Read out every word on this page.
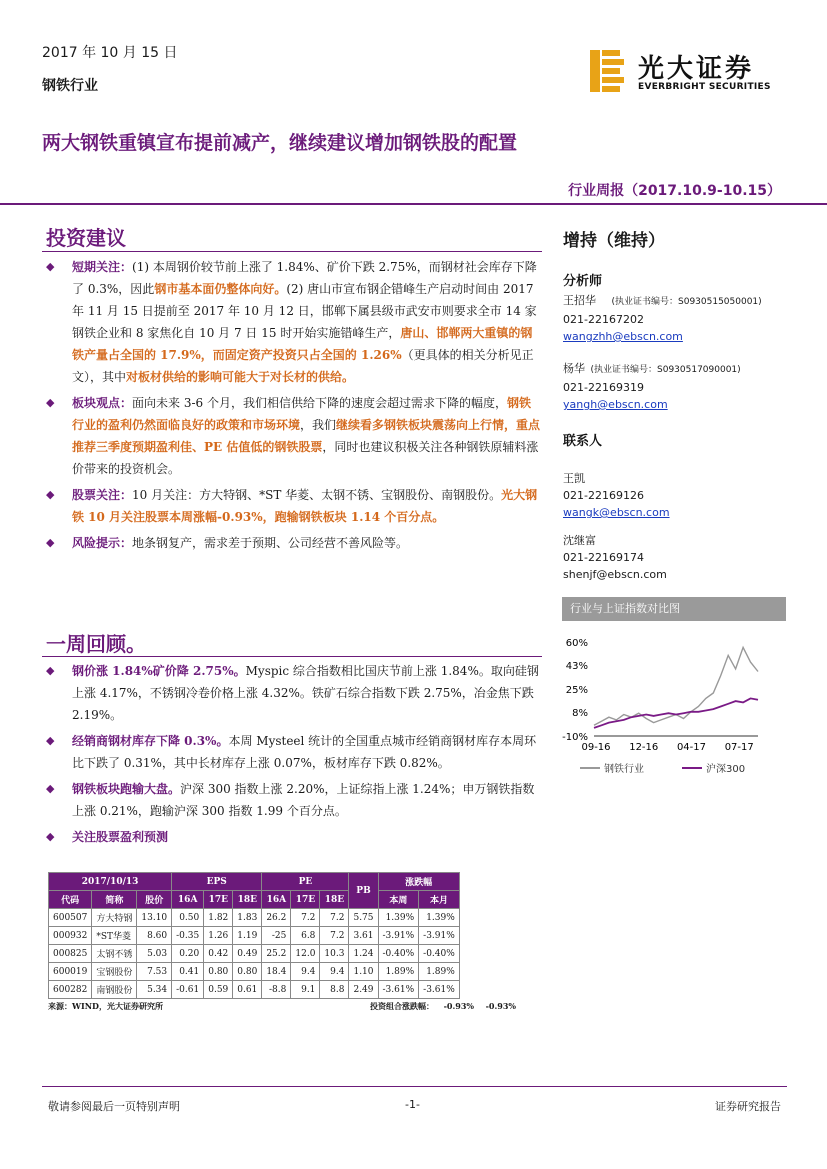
2017 年 10 月 15 日
钢铁行业
光大证券
EVERBRIGHT SECURITIES
两大钢铁重镇宣布提前减产，继续建议增加钢铁股的配置
行业周报（2017.10.9-10.15）
投资建议
◆ 短期关注：(1) 本周钢价较节前上涨了 1.84%、矿价下跌 2.75%，而钢材社会库存下降了 0.3%，因此钢市基本面仍整体向好。(2) 唐山市宣布钢企错峰生产启动时间由 2017 年 11 月 15 日提前至 2017 年 10 月 12 日，邯郸下属县级市武安市则要求全市 14 家钢铁企业和 8 家焦化自 10 月 7 日 15 时开始实施错峰生产，唐山、邯郸两大重镇的钢铁产量占全国的 17.9%，而固定资产投资只占全国的 1.26%（更具体的相关分析见正文），其中对板材供给的影响可能大于对长材的供给。
◆ 板块观点：面向未来 3-6 个月，我们相信供给下降的速度会超过需求下降的幅度，钢铁行业的盈利仍然面临良好的政策和市场环境，我们继续看多钢铁板块震荡向上行情，重点推荐三季度预期盈利佳、PE 估值低的钢铁股票，同时也建议积极关注各种钢铁原辅料涨价带来的投资机会。
◆ 股票关注：10 月关注：方大特钢、*ST 华菱、太钢不锈、宝钢股份、南钢股份。光大钢铁 10 月关注股票本周涨幅-0.93%，跑输钢铁板块 1.14 个百分点。
◆ 风险提示：地条钢复产，需求差于预期、公司经营不善风险等。
一周回顾。
◆ 钢价涨 1.84%矿价降 2.75%。Myspic 综合指数相比国庆节前上涨 1.84%。取向硅钢上涨 4.17%，不锈钢冷卷价格上涨 4.32%。铁矿石综合指数下跌 2.75%，冶金焦下跌 2.19%。
◆ 经销商钢材库存下降 0.3%。本周 Mysteel 统计的全国重点城市经销商钢材库存本周环比下跌了 0.31%，其中长材库存上涨 0.07%，板材库存下跌 0.82%。
◆ 钢铁板块跑输大盘。沪深 300 指数上涨 2.20%，上证综指上涨 1.24%；申万钢铁指数上涨 0.21%，跑输沪深 300 指数 1.99 个百分点。
◆ 关注股票盈利预测
2017/10/13			EPS			PE			PB	涨跌幅	
代码	简称	股价	16A	17E	18E	16A	17E	18E		本周	本月
600507	方大特钢	13.10	0.50	1.82	1.83	26.2	7.2	7.2	5.75	1.39%	1.39%
000932	*ST华菱	8.60	-0.35	1.26	1.19	-25	6.8	7.2	3.61	-3.91%	-3.91%
000825	太钢不锈	5.03	0.20	0.42	0.49	25.2	12.0	10.3	1.24	-0.40%	-0.40%
600019	宝钢股份	7.53	0.41	0.80	0.80	18.4	9.4	9.4	1.10	1.89%	1.89%
600282	南钢股份	5.34	-0.61	0.59	0.61	-8.8	9.1	8.8	2.49	-3.61%	-3.61%
来源：WIND，光大证券研究所	投资组合涨跌幅：	-0.93%	-0.93%
增持（维持）
分析师
王招华 (执业证书编号：S0930515050001)
021-22167202
wangzhh@ebscn.com
杨华 (执业证书编号：S0930517090001)
021-22169319
yangh@ebscn.com
联系人
王凯
021-22169126
wangk@ebscn.com
沈继富
021-22169174
shenjf@ebscn.com
行业与上证指数对比图
60%
43%
25%
8%
-10%
09-16 12-16 04-17 07-17
钢铁行业	沪深300
敬请参阅最后一页特别声明	-1-	证券研究报告
